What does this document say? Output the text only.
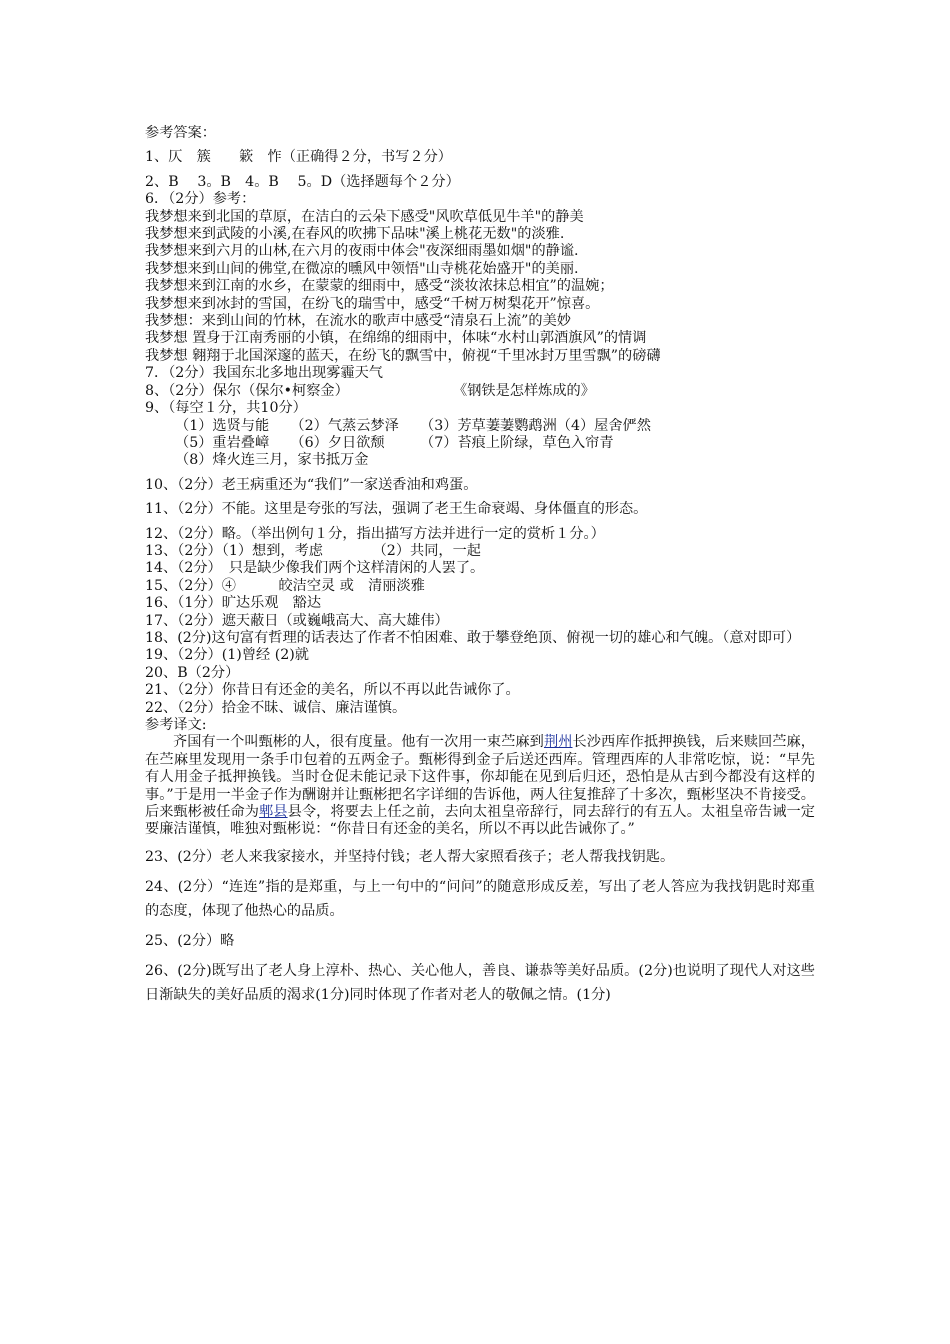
参考答案：
1、仄　簇　　簌　怍（正确得２分，书写２分）
2、B　 3。B　4。B　 5。D（选择题每个２分）
6．（2分）参考：
我梦想来到北国的草原，在洁白的云朵下感受"风吹草低见牛羊"的静美
我梦想来到武陵的小溪,在春风的吹拂下品味"溪上桃花无数"的淡雅.
我梦想来到六月的山林,在六月的夜雨中体会"夜深细雨墨如烟"的静谧.
我梦想来到山间的佛堂,在微凉的曛风中领悟"山寺桃花始盛开"的美丽.
我梦想来到江南的水乡，在蒙蒙的细雨中，感受“淡妆浓抹总相宜”的温婉；
我梦想来到冰封的雪国，在纷飞的瑞雪中，感受“千树万树梨花开”惊喜。
我梦想：来到山间的竹林，在流水的歌声中感受“清泉石上流”的美妙
我梦想 置身于江南秀丽的小镇，在绵绵的细雨中，体味“水村山郭酒旗风”的情调
我梦想 翱翔于北国深邃的蓝天，在纷飞的飘雪中，俯视“千里冰封万里雪飘”的磅礴
7．（2分）我国东北多地出现雾霾天气
8、（2分）保尔（保尔•柯察金）	《钢铁是怎样炼成的》
9、（每空１分，共10分）
（1）选贤与能　　（2）气蒸云梦泽　　（3）芳草萋萋鹦鹉洲（4）屋舍俨然
（5）重岩叠嶂　　（6）夕日欲颓　　　（7）苔痕上阶绿，草色入帘青
（8）烽火连三月，家书抵万金
10、（2分）老王病重还为“我们”一家送香油和鸡蛋。
11、（2分）不能。这里是夸张的写法，强调了老王生命衰竭、身体僵直的形态。
12、（2分）略。（举出例句１分，指出描写方法并进行一定的赏析１分。）
13、（2分）（1）想到，考虑　　　　（2）共同，一起
14、（2分）　只是缺少像我们两个这样清闲的人罢了。
15、（2分）④　　　皎洁空灵 或　清丽淡雅
16、（1分）旷达乐观　豁达
17、（2分）遮天蔽日（或巍峨高大、高大雄伟）
18、(2分)这句富有哲理的话表达了作者不怕困难、敢于攀登绝顶、俯视一切的雄心和气魄。（意对即可）
19、（2分）(1)曾经 (2)就
20、B（2分）
21、（2分）你昔日有还金的美名，所以不再以此告诫你了。
22、（2分）拾金不昧、诚信、廉洁谨慎。
参考译文:
齐国有一个叫甄彬的人，很有度量。他有一次用一束苎麻到荆州长沙西库作抵押换钱，后来赎回苎麻，在苎麻里发现用一条手巾包着的五两金子。甄彬得到金子后送还西库。管理西库的人非常吃惊，说：“早先有人用金子抵押换钱。当时仓促未能记录下这件事，你却能在见到后归还，恐怕是从古到今都没有这样的事。”于是用一半金子作为酬谢并让甄彬把名字详细的告诉他，两人往复推辞了十多次，甄彬坚决不肯接受。后来甄彬被任命为郫县县令，将要去上任之前，去向太祖皇帝辞行，同去辞行的有五人。太祖皇帝告诫一定要廉洁谨慎，唯独对甄彬说：“你昔日有还金的美名，所以不再以此告诫你了。”
23、(2分）老人来我家接水，并坚持付钱；老人帮大家照看孩子；老人帮我找钥匙。
24、(2分）“连连”指的是郑重，与上一句中的“问问”的随意形成反差，写出了老人答应为我找钥匙时郑重的态度，体现了他热心的品质。
25、(2分）略
26、(2分)既写出了老人身上淳朴、热心、关心他人，善良、谦恭等美好品质。(2分)也说明了现代人对这些日渐缺失的美好品质的渴求(1分)同时体现了作者对老人的敬佩之情。(1分)
